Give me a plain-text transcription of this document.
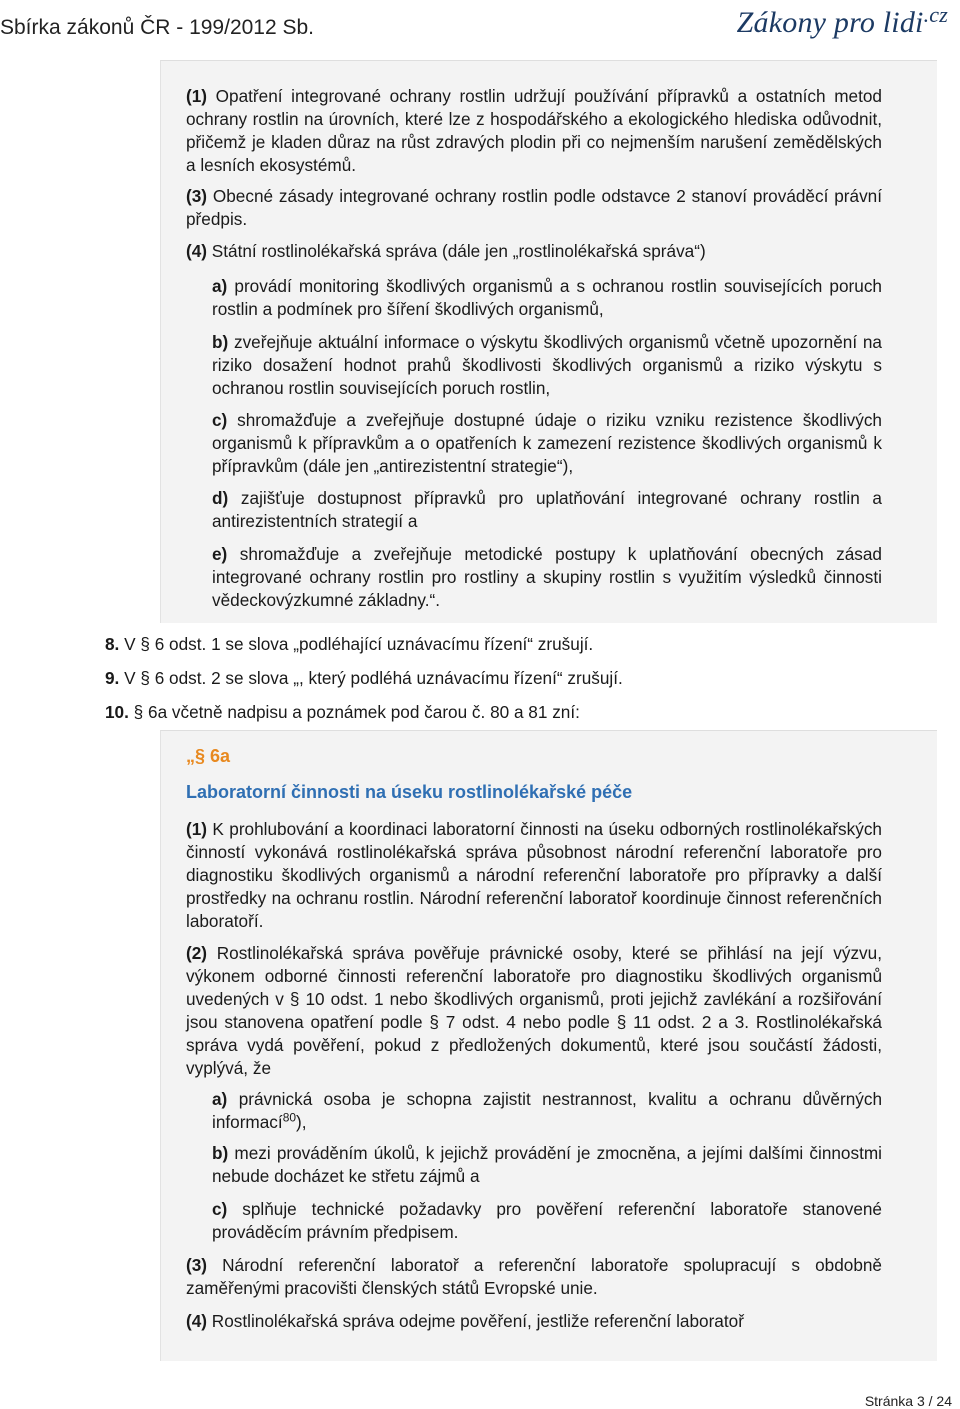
Sbírka zákonů ČR - 199/2012 Sb.	Zákony pro lidi$^{.cz}$

(1) Opatření integrované ochrany rostlin udržují používání přípravků a ostatních metod ochrany rostlin na úrovních, které lze z hospodářského a ekologického hlediska odůvodnit, přičemž je kladen důraz na růst zdravých plodin při co nejmenším narušení zemědělských a lesních ekosystémů.

(3) Obecné zásady integrované ochrany rostlin podle odstavce 2 stanoví prováděcí právní předpis.

(4) Státní rostlinolékařská správa (dále jen „rostlinolékařská správa“)

a) provádí monitoring škodlivých organismů a s ochranou rostlin souvisejících poruch rostlin a podmínek pro šíření škodlivých organismů,

b) zveřejňuje aktuální informace o výskytu škodlivých organismů včetně upozornění na riziko dosažení hodnot prahů škodlivosti škodlivých organismů a riziko výskytu s ochranou rostlin souvisejících poruch rostlin,

c) shromažďuje a zveřejňuje dostupné údaje o riziku vzniku rezistence škodlivých organismů k přípravkům a o opatřeních k zamezení rezistence škodlivých organismů k přípravkům (dále jen „antirezistentní strategie“),

d) zajišťuje dostupnost přípravků pro uplatňování integrované ochrany rostlin a antirezistentních strategií a

e) shromažďuje a zveřejňuje metodické postupy k uplatňování obecných zásad integrované ochrany rostlin pro rostliny a skupiny rostlin s využitím výsledků činnosti vědeckovýzkumné základny.“.

8. V § 6 odst. 1 se slova „podléhající uznávacímu řízení“ zrušují.

9. V § 6 odst. 2 se slova „, který podléhá uznávacímu řízení“ zrušují.

10. § 6a včetně nadpisu a poznámek pod čarou č. 80 a 81 zní:

„§ 6a

Laboratorní činnosti na úseku rostlinolékařské péče

(1) K prohlubování a koordinaci laboratorní činnosti na úseku odborných rostlinolékařských činností vykonává rostlinolékařská správa působnost národní referenční laboratoře pro diagnostiku škodlivých organismů a národní referenční laboratoře pro přípravky a další prostředky na ochranu rostlin. Národní referenční laboratoř koordinuje činnost referenčních laboratoří.

(2) Rostlinolékařská správa pověřuje právnické osoby, které se přihlásí na její výzvu, výkonem odborné činnosti referenční laboratoře pro diagnostiku škodlivých organismů uvedených v § 10 odst. 1 nebo škodlivých organismů, proti jejichž zavlékání a rozšiřování jsou stanovena opatření podle § 7 odst. 4 nebo podle § 11 odst. 2 a 3. Rostlinolékařská správa vydá pověření, pokud z předložených dokumentů, které jsou součástí žádosti, vyplývá, že

a) právnická osoba je schopna zajistit nestrannost, kvalitu a ochranu důvěrných informací$^{80}$),

b) mezi prováděním úkolů, k jejichž provádění je zmocněna, a jejími dalšími činnostmi nebude docházet ke střetu zájmů a

c) splňuje technické požadavky pro pověření referenční laboratoře stanovené prováděcím právním předpisem.

(3) Národní referenční laboratoř a referenční laboratoře spolupracují s obdobně zaměřenými pracovišti členských států Evropské unie.

(4) Rostlinolékařská správa odejme pověření, jestliže referenční laboratoř

Stránka 3 / 24
